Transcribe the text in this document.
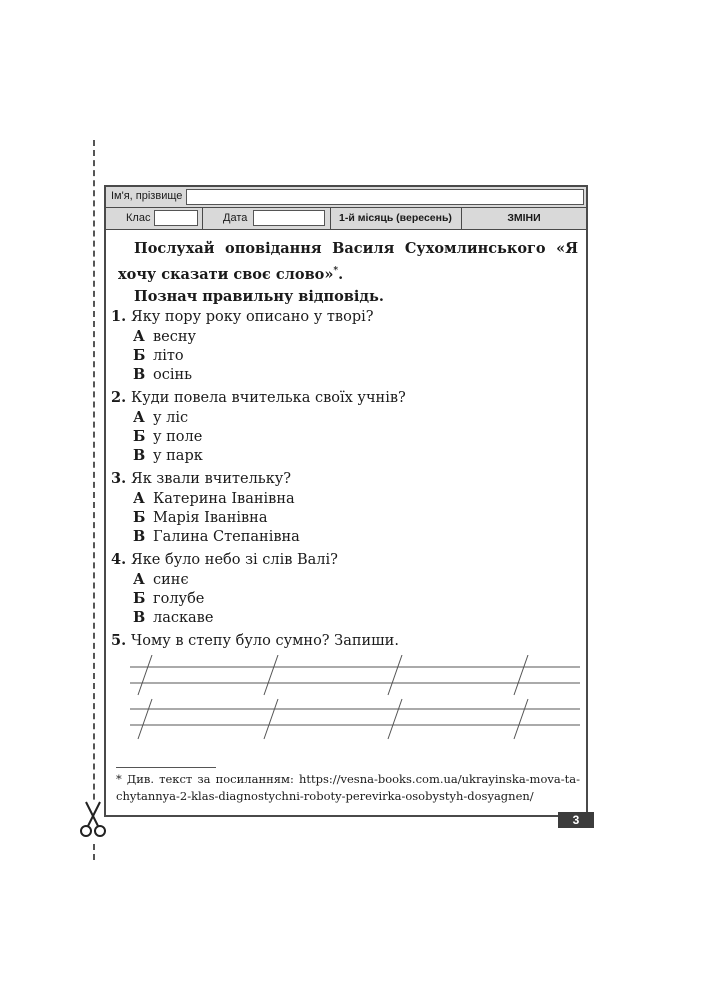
Ім'я, прізвище
Клас	Дата	1-й місяць (вересень)	ЗМІНИ
Послухай оповідання Василя Сухомлинського «Я хочу сказати своє слово»*.
Познач правильну відповідь.
1. Яку пору року описано у творі?
А весну
Б літо
В осінь
2. Куди повела вчителька своїх учнів?
А у ліс
Б у поле
В у парк
3. Як звали вчительку?
А Катерина Іванівна
Б Марія Іванівна
В Галина Степанівна
4. Яке було небо зі слів Валі?
А синє
Б голубе
В ласкаве
5. Чому в степу було сумно? Запиши.
* Див. текст за посиланням: https://vesna-books.com.ua/ukrayinska-mova-ta-chytannya-2-klas-diagnostychni-roboty-perevirka-osobystyh-dosyagnen/
3
